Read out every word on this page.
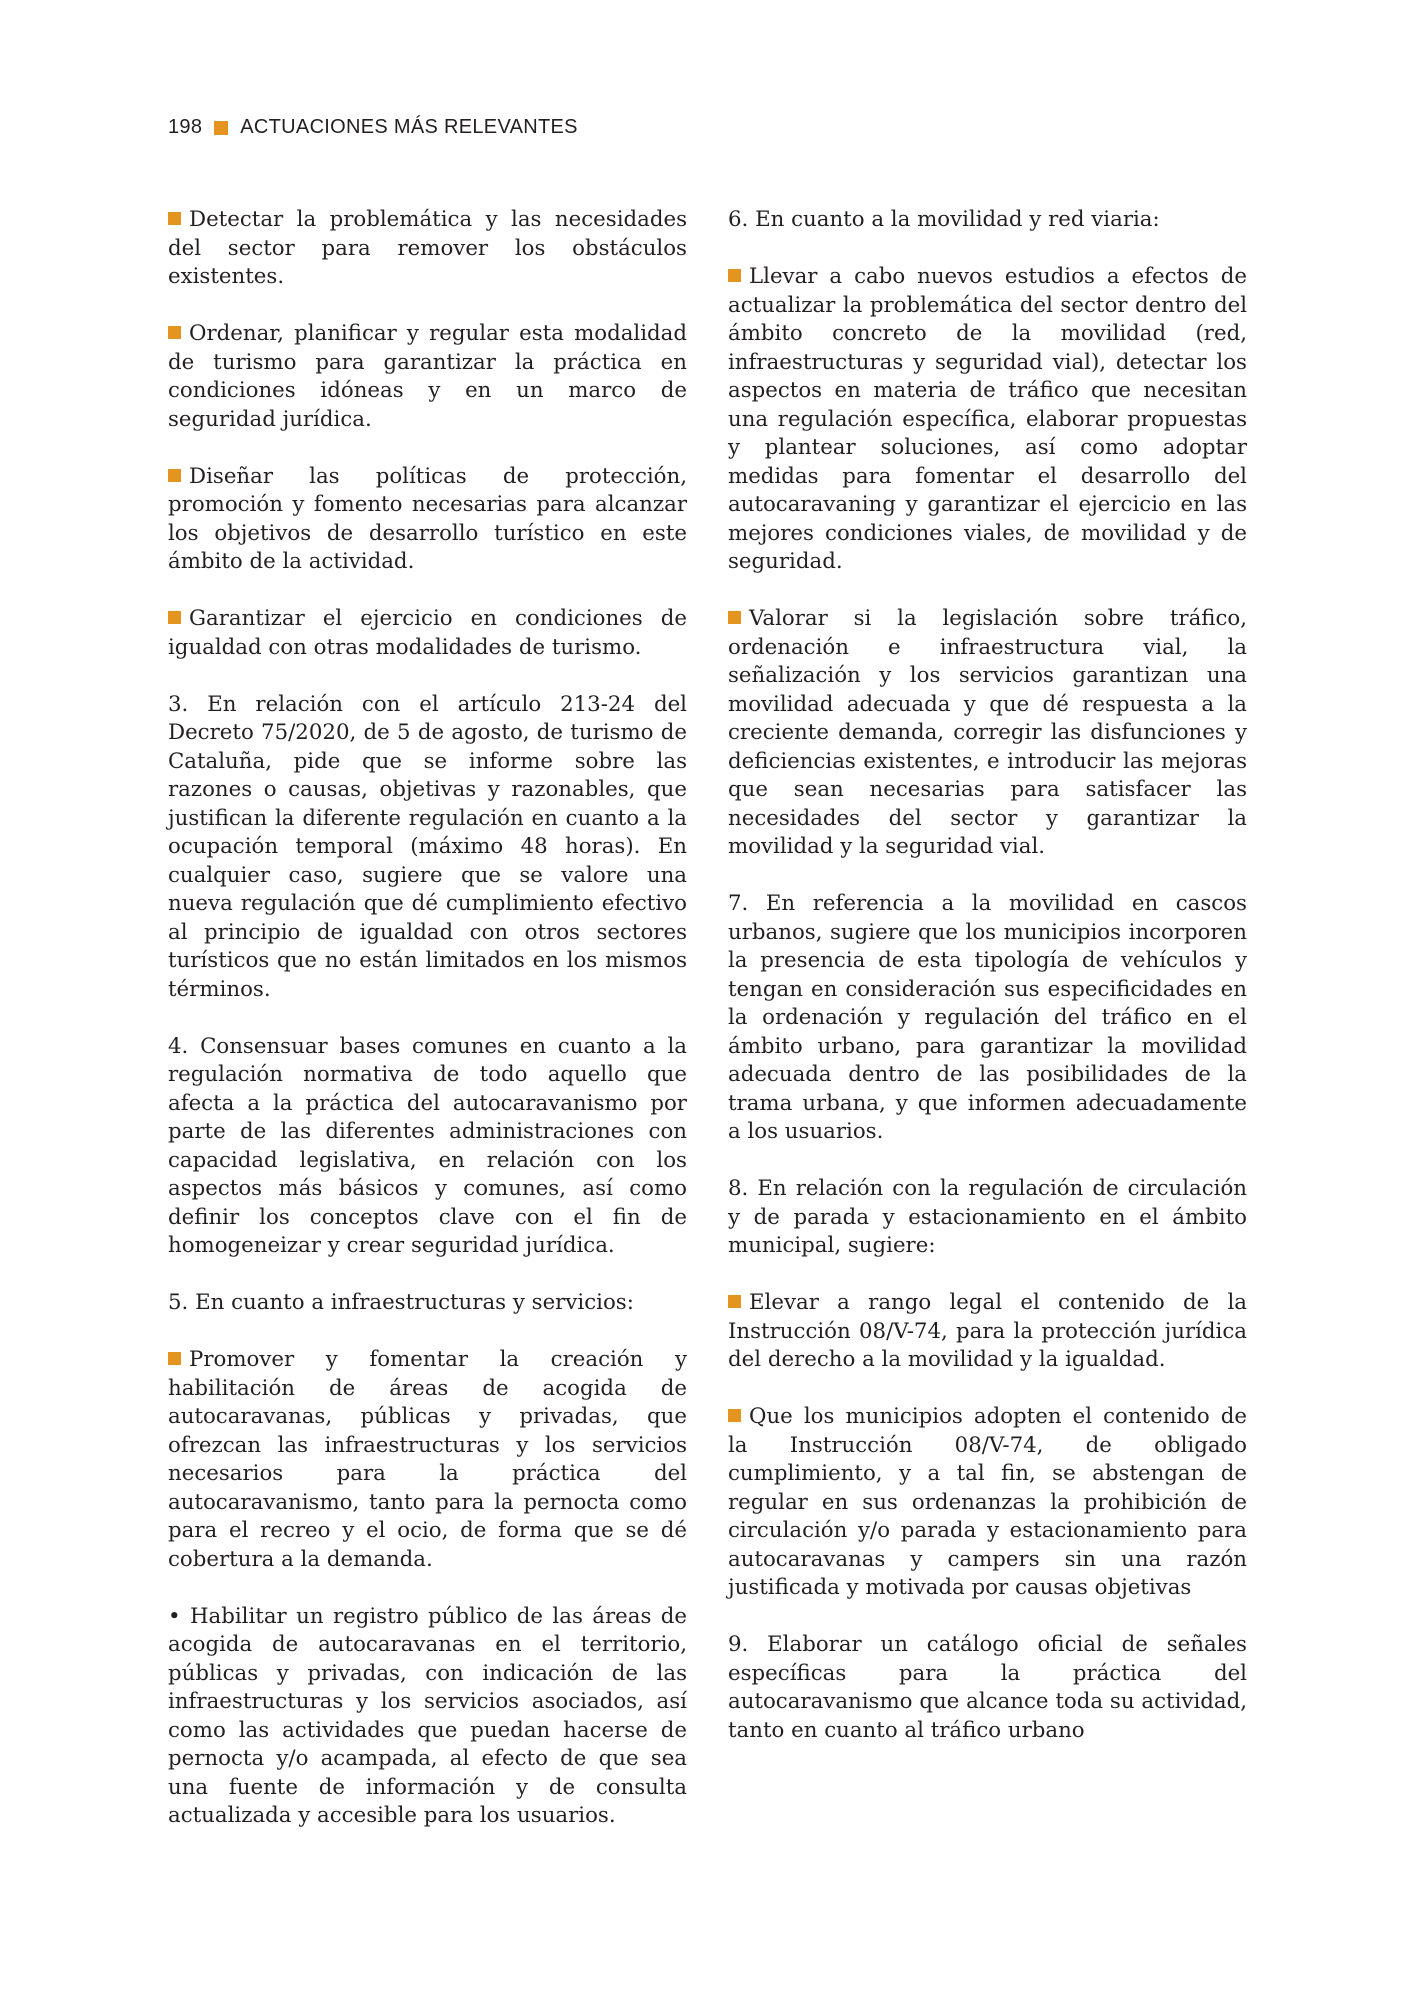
198 ACTUACIONES MÁS RELEVANTES

Detectar la problemática y las necesidades del sector para remover los obstáculos existentes.

Ordenar, planificar y regular esta modalidad de turismo para garantizar la práctica en condiciones idóneas y en un marco de seguridad jurídica.

Diseñar las políticas de protección, promoción y fomento necesarias para alcanzar los objetivos de desarrollo turístico en este ámbito de la actividad.

Garantizar el ejercicio en condiciones de igualdad con otras modalidades de turismo.

3. En relación con el artículo 213-24 del Decreto 75/2020, de 5 de agosto, de turismo de Cataluña, pide que se informe sobre las razones o causas, objetivas y razonables, que justifican la diferente regulación en cuanto a la ocupación temporal (máximo 48 horas). En cualquier caso, sugiere que se valore una nueva regulación que dé cumplimiento efectivo al principio de igualdad con otros sectores turísticos que no están limitados en los mismos términos.

4. Consensuar bases comunes en cuanto a la regulación normativa de todo aquello que afecta a la práctica del autocaravanismo por parte de las diferentes administraciones con capacidad legislativa, en relación con los aspectos más básicos y comunes, así como definir los conceptos clave con el fin de homogeneizar y crear seguridad jurídica.

5. En cuanto a infraestructuras y servicios:

Promover y fomentar la creación y habilitación de áreas de acogida de autocaravanas, públicas y privadas, que ofrezcan las infraestructuras y los servicios necesarios para la práctica del autocaravanismo, tanto para la pernocta como para el recreo y el ocio, de forma que se dé cobertura a la demanda.

• Habilitar un registro público de las áreas de acogida de autocaravanas en el territorio, públicas y privadas, con indicación de las infraestructuras y los servicios asociados, así como las actividades que puedan hacerse de pernocta y/o acampada, al efecto de que sea una fuente de información y de consulta actualizada y accesible para los usuarios.

6. En cuanto a la movilidad y red viaria:

Llevar a cabo nuevos estudios a efectos de actualizar la problemática del sector dentro del ámbito concreto de la movilidad (red, infraestructuras y seguridad vial), detectar los aspectos en materia de tráfico que necesitan una regulación específica, elaborar propuestas y plantear soluciones, así como adoptar medidas para fomentar el desarrollo del autocaravaning y garantizar el ejercicio en las mejores condiciones viales, de movilidad y de seguridad.

Valorar si la legislación sobre tráfico, ordenación e infraestructura vial, la señalización y los servicios garantizan una movilidad adecuada y que dé respuesta a la creciente demanda, corregir las disfunciones y deficiencias existentes, e introducir las mejoras que sean necesarias para satisfacer las necesidades del sector y garantizar la movilidad y la seguridad vial.

7. En referencia a la movilidad en cascos urbanos, sugiere que los municipios incorporen la presencia de esta tipología de vehículos y tengan en consideración sus especificidades en la ordenación y regulación del tráfico en el ámbito urbano, para garantizar la movilidad adecuada dentro de las posibilidades de la trama urbana, y que informen adecuadamente a los usuarios.

8. En relación con la regulación de circulación y de parada y estacionamiento en el ámbito municipal, sugiere:

Elevar a rango legal el contenido de la Instrucción 08/V-74, para la protección jurídica del derecho a la movilidad y la igualdad.

Que los municipios adopten el contenido de la Instrucción 08/V-74, de obligado cumplimiento, y a tal fin, se abstengan de regular en sus ordenanzas la prohibición de circulación y/o parada y estacionamiento para autocaravanas y campers sin una razón justificada y motivada por causas objetivas

9. Elaborar un catálogo oficial de señales específicas para la práctica del autocaravanismo que alcance toda su actividad, tanto en cuanto al tráfico urbano
